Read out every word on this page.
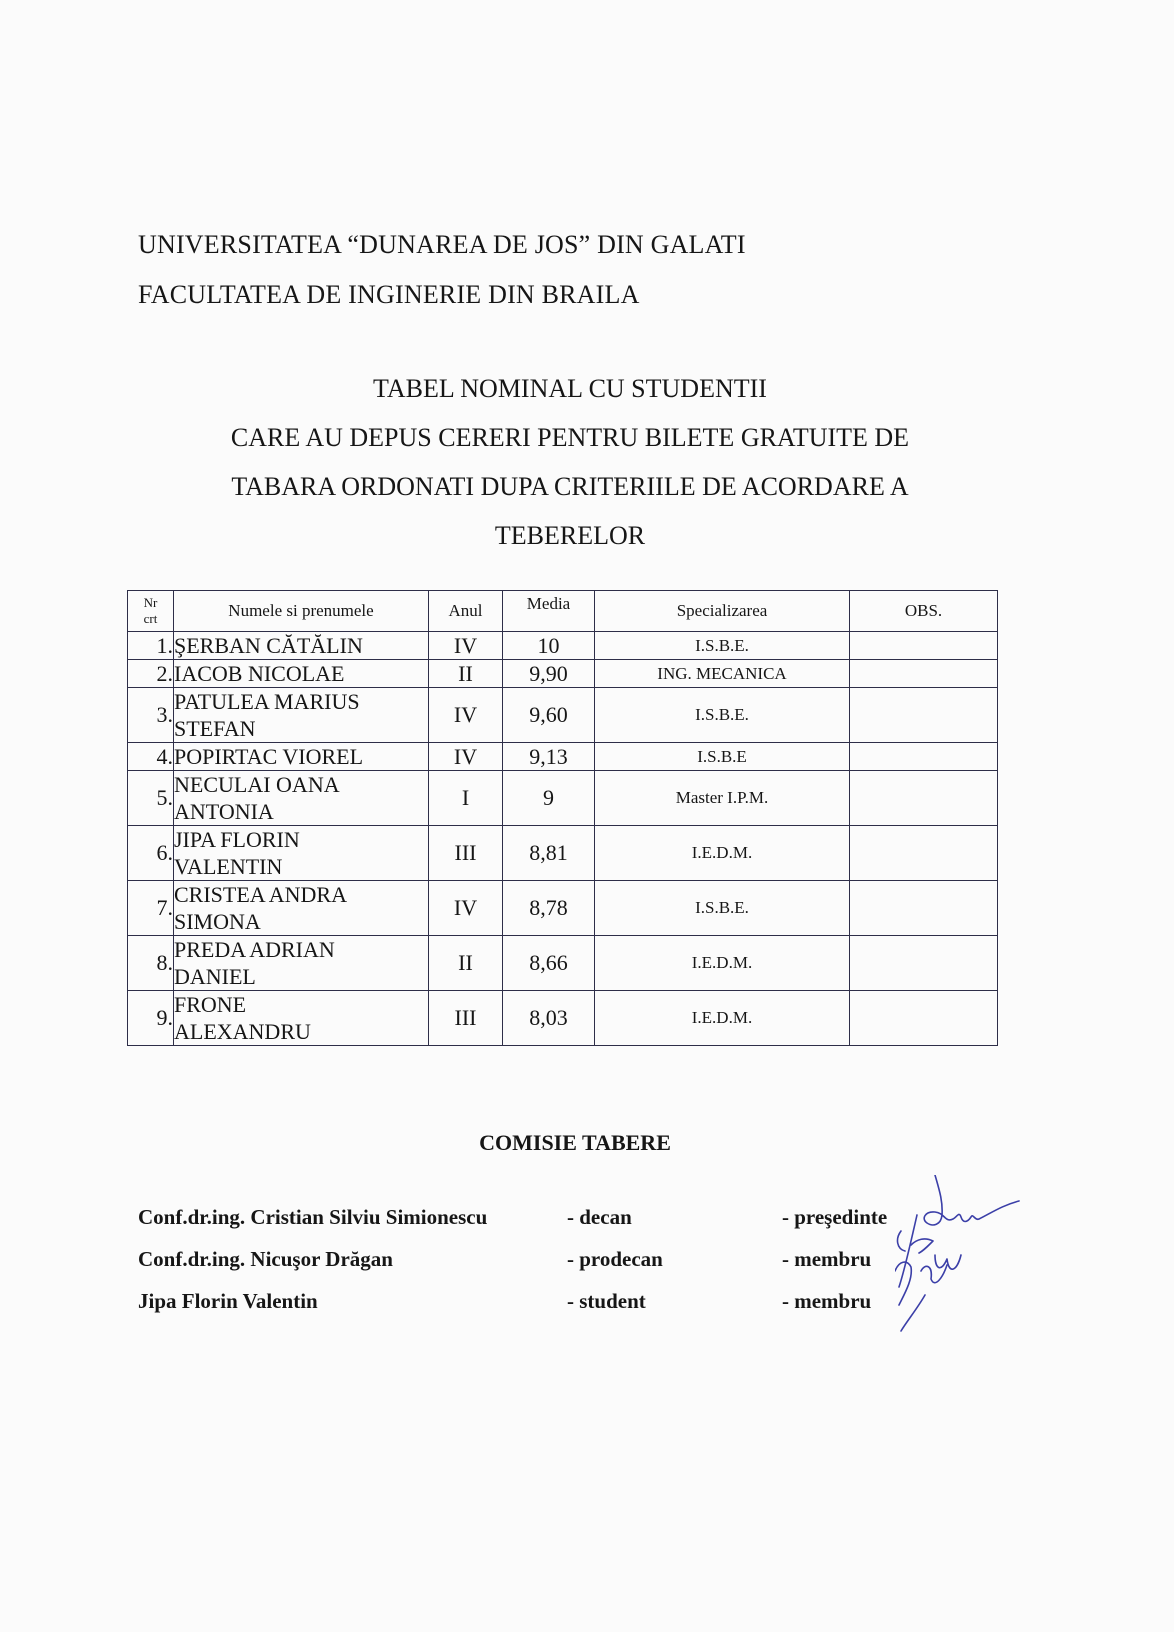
UNIVERSITATEA “DUNAREA DE JOS” DIN GALATI
FACULTATEA DE INGINERIE DIN BRAILA
TABEL NOMINAL CU STUDENTII
CARE AU DEPUS CERERI PENTRU BILETE GRATUITE DE
TABARA ORDONATI DUPA CRITERIILE DE ACORDARE A
TEBERELOR
Nr
crt	Numele si prenumele	Anul	Media	Specializarea	OBS.
1.	ŞERBAN CĂTĂLIN	IV	10	I.S.B.E.	
2.	IACOB NICOLAE	II	9,90	ING. MECANICA	
3.	PATULEA MARIUS
STEFAN	IV	9,60	I.S.B.E.	
4.	POPIRTAC VIOREL	IV	9,13	I.S.B.E	
5.	NECULAI OANA
ANTONIA	I	9	Master I.P.M.	
6.	JIPA FLORIN
VALENTIN	III	8,81	I.E.D.M.	
7.	CRISTEA ANDRA
SIMONA	IV	8,78	I.S.B.E.	
8.	PREDA ADRIAN
DANIEL	II	8,66	I.E.D.M.	
9.	FRONE
ALEXANDRU	III	8,03	I.E.D.M.	
COMISIE TABERE
Conf.dr.ing. Cristian Silviu Simionescu	- decan	- preşedinte
Conf.dr.ing. Nicuşor Drăgan	- prodecan	- membru
Jipa Florin Valentin	- student	- membru
